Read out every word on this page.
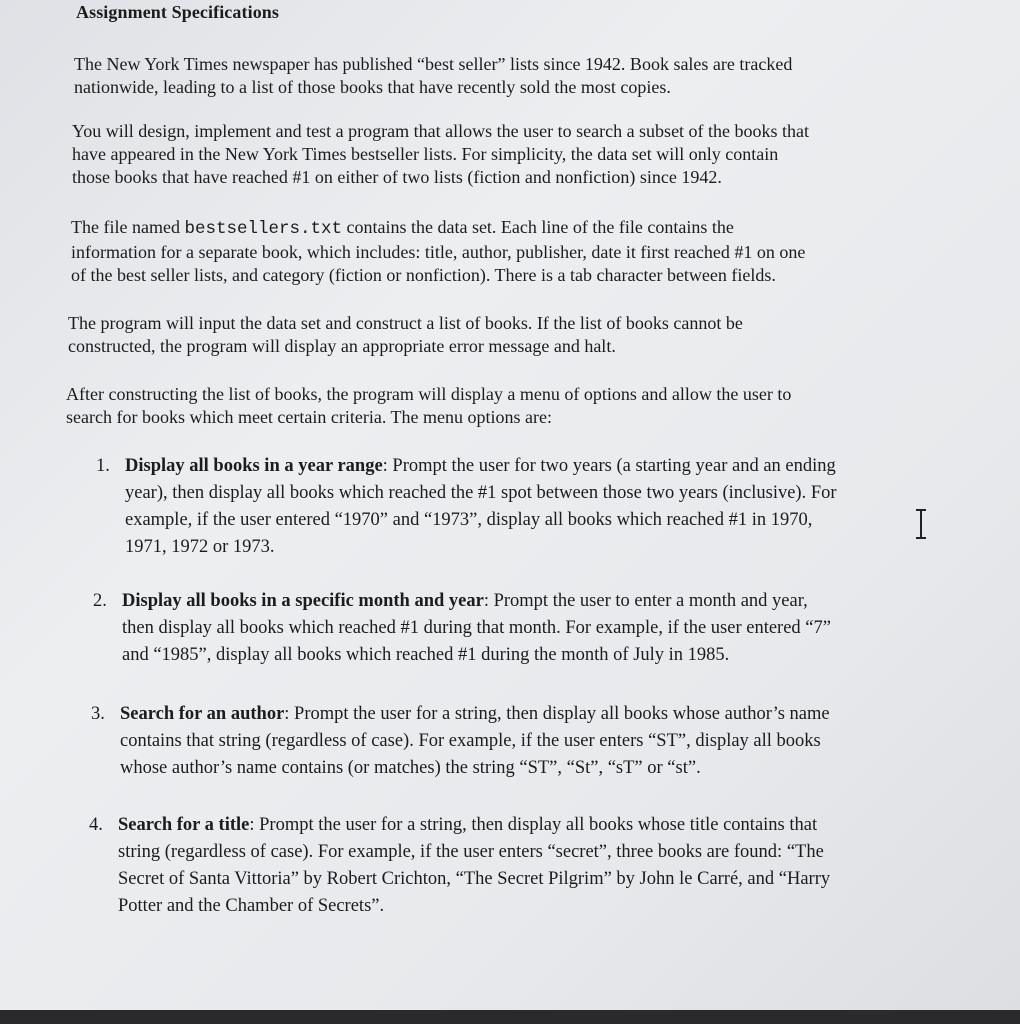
Assignment Specifications
The New York Times newspaper has published “best seller” lists since 1942. Book sales are tracked
nationwide, leading to a list of those books that have recently sold the most copies.
You will design, implement and test a program that allows the user to search a subset of the books that
have appeared in the New York Times bestseller lists. For simplicity, the data set will only contain
those books that have reached #1 on either of two lists (fiction and nonfiction) since 1942.
The file named bestsellers.txt contains the data set. Each line of the file contains the
information for a separate book, which includes: title, author, publisher, date it first reached #1 on one
of the best seller lists, and category (fiction or nonfiction). There is a tab character between fields.
The program will input the data set and construct a list of books. If the list of books cannot be
constructed, the program will display an appropriate error message and halt.
After constructing the list of books, the program will display a menu of options and allow the user to
search for books which meet certain criteria. The menu options are:
1. Display all books in a year range: Prompt the user for two years (a starting year and an ending
year), then display all books which reached the #1 spot between those two years (inclusive). For
example, if the user entered “1970” and “1973”, display all books which reached #1 in 1970,
1971, 1972 or 1973.
2. Display all books in a specific month and year: Prompt the user to enter a month and year,
then display all books which reached #1 during that month. For example, if the user entered “7”
and “1985”, display all books which reached #1 during the month of July in 1985.
3. Search for an author: Prompt the user for a string, then display all books whose author’s name
contains that string (regardless of case). For example, if the user enters “ST”, display all books
whose author’s name contains (or matches) the string “ST”, “St”, “sT” or “st”.
4. Search for a title: Prompt the user for a string, then display all books whose title contains that
string (regardless of case). For example, if the user enters “secret”, three books are found: “The
Secret of Santa Vittoria” by Robert Crichton, “The Secret Pilgrim” by John le Carré, and “Harry
Potter and the Chamber of Secrets”.
